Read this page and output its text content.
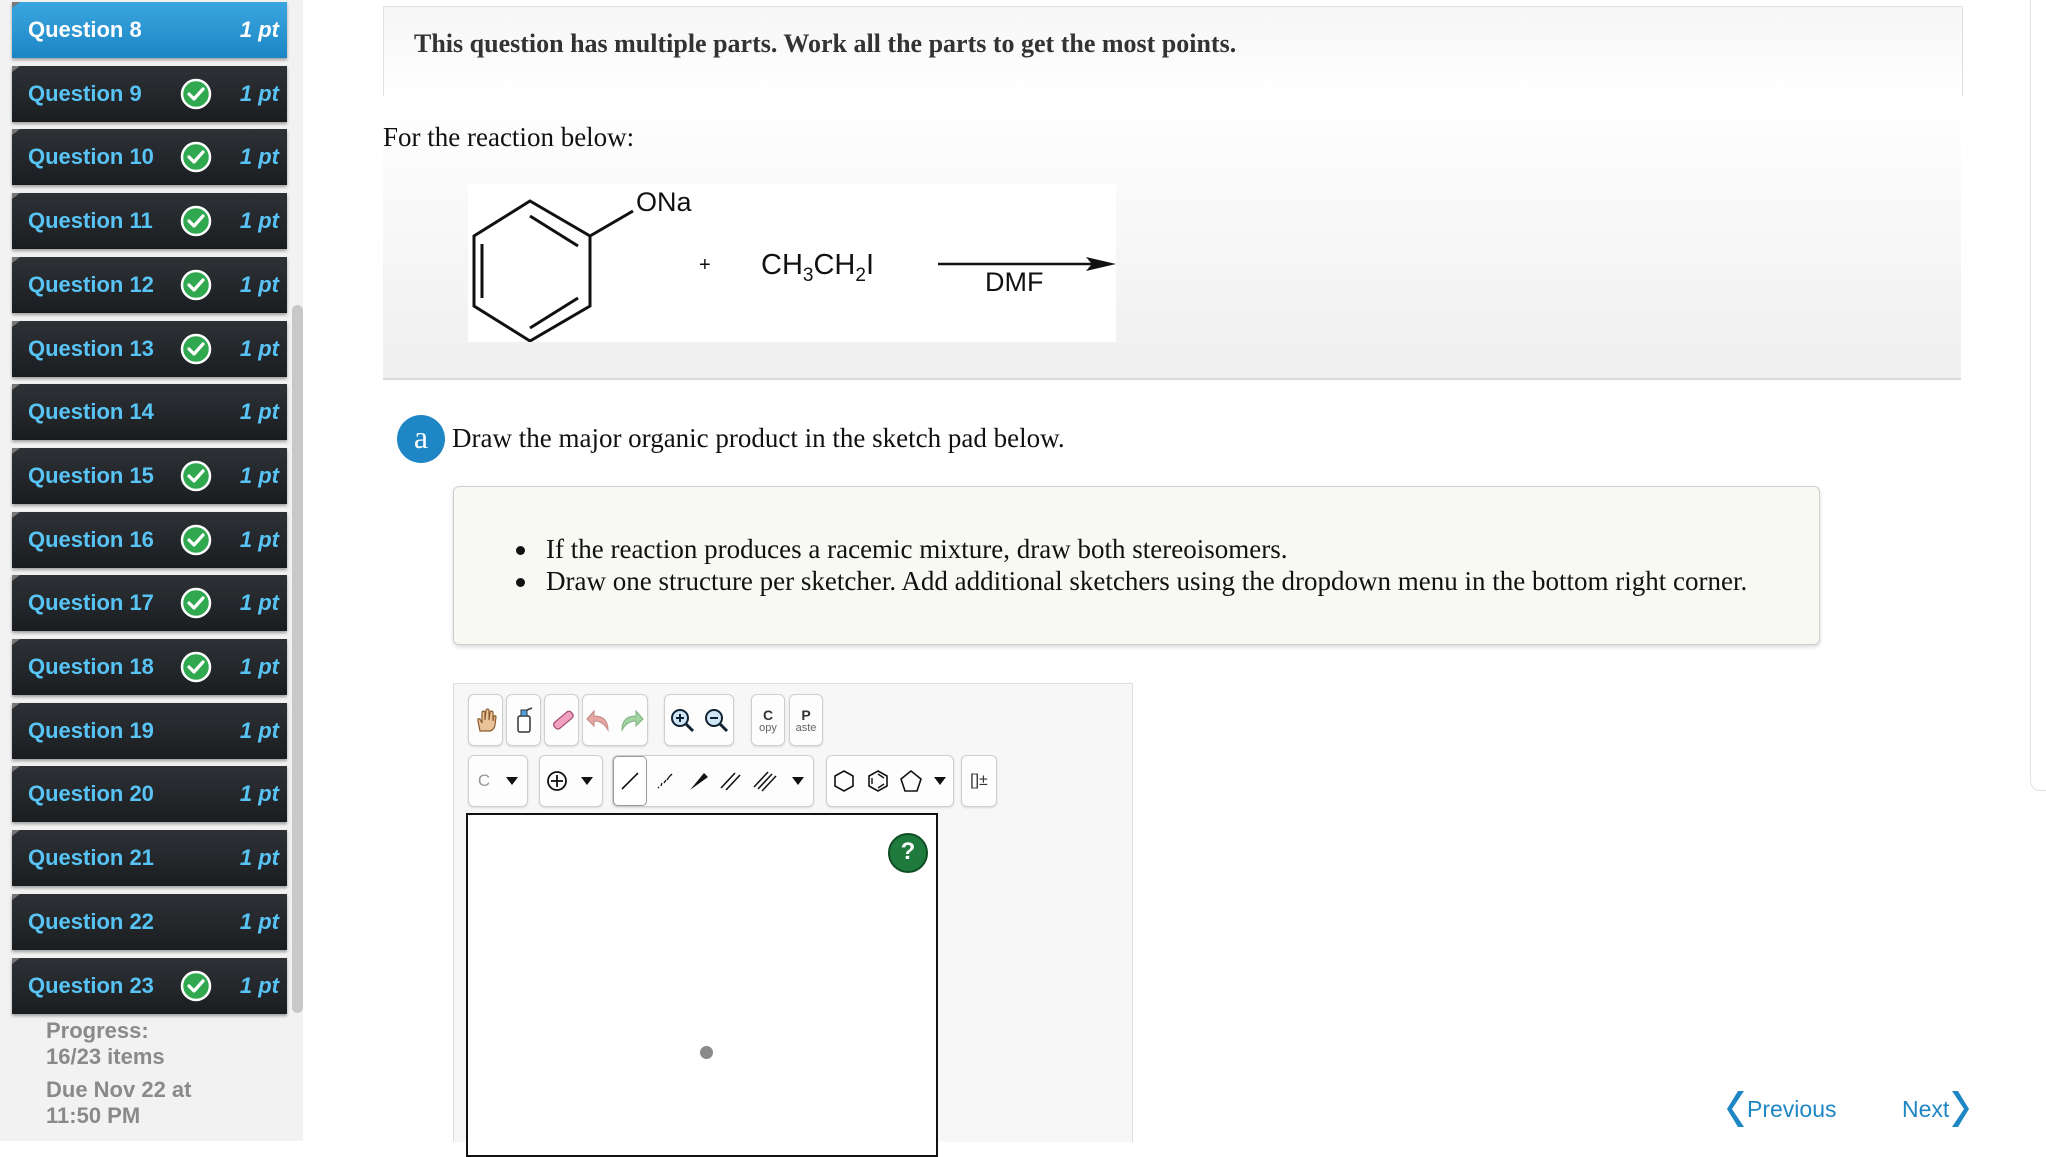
Question 8	1 pt
Question 9	1 pt
Question 10	1 pt
Question 11	1 pt
Question 12	1 pt
Question 13	1 pt
Question 14	1 pt
Question 15	1 pt
Question 16	1 pt
Question 17	1 pt
Question 18	1 pt
Question 19	1 pt
Question 20	1 pt
Question 21	1 pt
Question 22	1 pt
Question 23	1 pt
Progress:
16/23 items
Due Nov 22 at
11:50 PM
This question has multiple parts. Work all the parts to get the most points.
For the reaction below:
ONa
+ $CH_3CH_2I$
DMF
a Draw the major organic product in the sketch pad below.
If the reaction produces a racemic mixture, draw both stereoisomers.
Draw one structure per sketcher. Add additional sketchers using the dropdown menu in the bottom right corner.
C
opy
P
aste
C	[]±
?
Previous	Next
